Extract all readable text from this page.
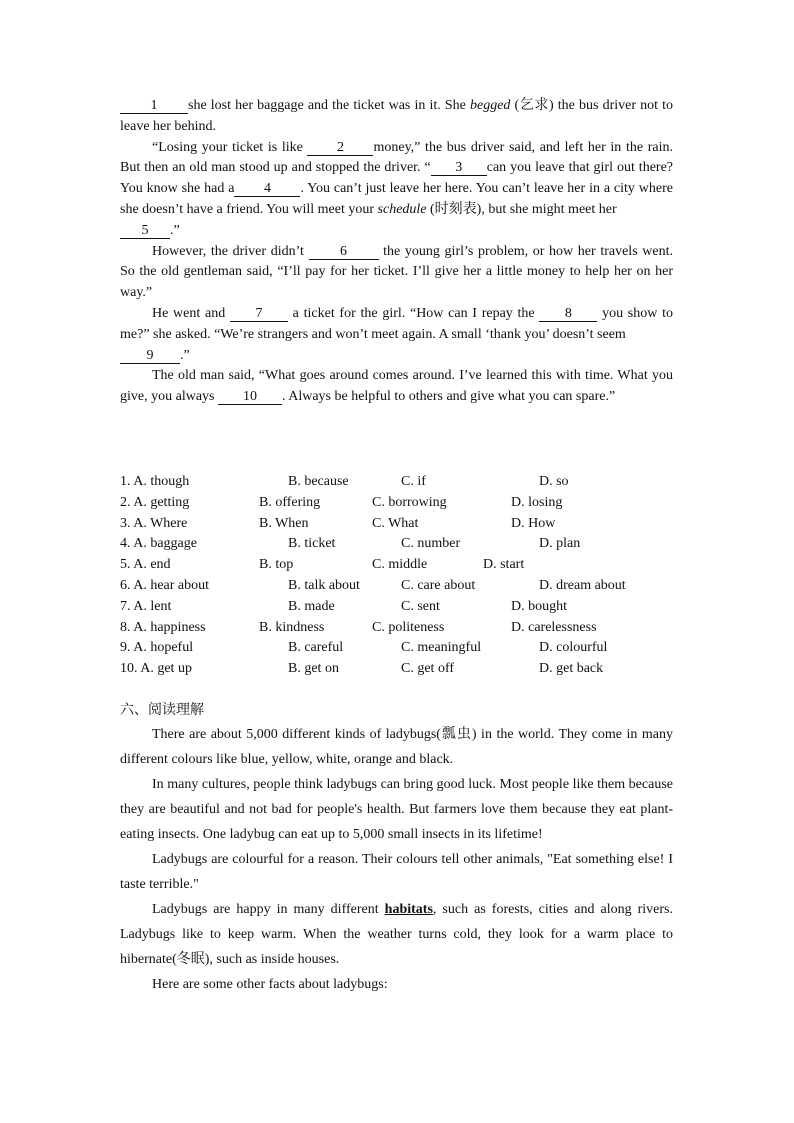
1 she lost her baggage and the ticket was in it. She begged (乞求) the bus driver not to leave her behind.

“Losing your ticket is like 2 money,” the bus driver said, and left her in the rain. But then an old man stood up and stopped the driver. “ 3 can you leave that girl out there? You know she had a 4 . You can’t just leave her here. You can’t leave her in a city where she doesn’t have a friend. You will meet your schedule (时刻表), but she might meet her
5 .”

However, the driver didn’t 6 the young girl’s problem, or how her travels went. So the old gentleman said, “I’ll pay for her ticket. I’ll give her a little money to help her on her way.”

He went and 7 a ticket for the girl. “How can I repay the 8 you show to me?” she asked. “We’re strangers and won’t meet again. A small ‘thank you’ doesn’t seem
9 .”

The old man said, “What goes around comes around. I’ve learned this with time. What you give, you always 10 . Always be helpful to others and give what you can spare.”

1. A. though	B. because	C. if	D. so
2. A. getting	B. offering	C. borrowing	D. losing
3. A. Where	B. When	C. What	D. How
4. A. baggage	B. ticket	C. number	D. plan
5. A. end	B. top	C. middle	D. start
6. A. hear about	B. talk about	C. care about	D. dream about
7. A. lent	B. made	C. sent	D. bought
8. A. happiness	B. kindness	C. politeness	D. carelessness
9. A. hopeful	B. careful	C. meaningful	D. colourful
10. A. get up	B. get on	C. get off	D. get back
六、阅读理解

There are about 5,000 different kinds of ladybugs(瓢虫) in the world. They come in many different colours like blue, yellow, white, orange and black.

In many cultures, people think ladybugs can bring good luck. Most people like them because they are beautiful and not bad for people's health. But farmers love them because they eat plant-eating insects. One ladybug can eat up to 5,000 small insects in its lifetime!

Ladybugs are colourful for a reason. Their colours tell other animals, "Eat something else! I taste terrible."

Ladybugs are happy in many different habitats, such as forests, cities and along rivers. Ladybugs like to keep warm. When the weather turns cold, they look for a warm place to hibernate(冬眠), such as inside houses.

Here are some other facts about ladybugs:
